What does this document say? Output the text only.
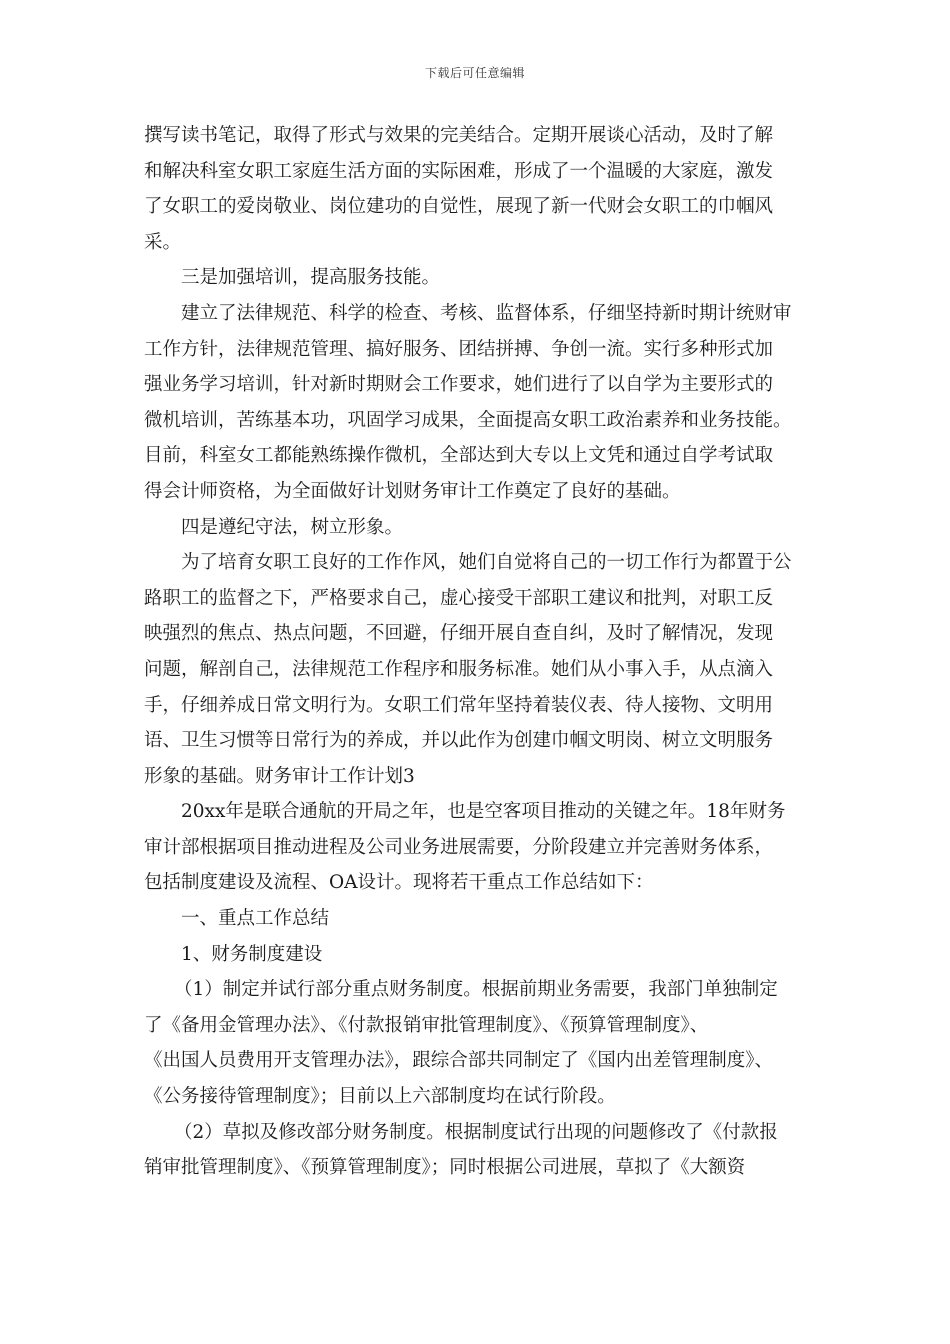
下载后可任意编辑
撰写读书笔记，取得了形式与效果的完美结合。定期开展谈心活动，及时了解
和解决科室女职工家庭生活方面的实际困难，形成了一个温暖的大家庭，激发
了女职工的爱岗敬业、岗位建功的自觉性，展现了新一代财会女职工的巾帼风
采。
三是加强培训，提高服务技能。
建立了法律规范、科学的检查、考核、监督体系，仔细坚持新时期计统财审
工作方针，法律规范管理、搞好服务、团结拼搏、争创一流。实行多种形式加
强业务学习培训，针对新时期财会工作要求，她们进行了以自学为主要形式的
微机培训，苦练基本功，巩固学习成果，全面提高女职工政治素养和业务技能。
目前，科室女工都能熟练操作微机，全部达到大专以上文凭和通过自学考试取
得会计师资格，为全面做好计划财务审计工作奠定了良好的基础。
四是遵纪守法，树立形象。
为了培育女职工良好的工作作风，她们自觉将自己的一切工作行为都置于公
路职工的监督之下，严格要求自己，虚心接受干部职工建议和批判，对职工反
映强烈的焦点、热点问题，不回避，仔细开展自查自纠，及时了解情况，发现
问题，解剖自己，法律规范工作程序和服务标准。她们从小事入手，从点滴入
手，仔细养成日常文明行为。女职工们常年坚持着装仪表、待人接物、文明用
语、卫生习惯等日常行为的养成，并以此作为创建巾帼文明岗、树立文明服务
形象的基础。财务审计工作计划3
20xx年是联合通航的开局之年，也是空客项目推动的关键之年。18年财务
审计部根据项目推动进程及公司业务进展需要，分阶段建立并完善财务体系，
包括制度建设及流程、OA设计。现将若干重点工作总结如下：
一、重点工作总结
1、财务制度建设
（1）制定并试行部分重点财务制度。根据前期业务需要，我部门单独制定
了《备用金管理办法》、《付款报销审批管理制度》、《预算管理制度》、
《出国人员费用开支管理办法》，跟综合部共同制定了《国内出差管理制度》、
《公务接待管理制度》；目前以上六部制度均在试行阶段。
（2）草拟及修改部分财务制度。根据制度试行出现的问题修改了《付款报
销审批管理制度》、《预算管理制度》；同时根据公司进展，草拟了《大额资
